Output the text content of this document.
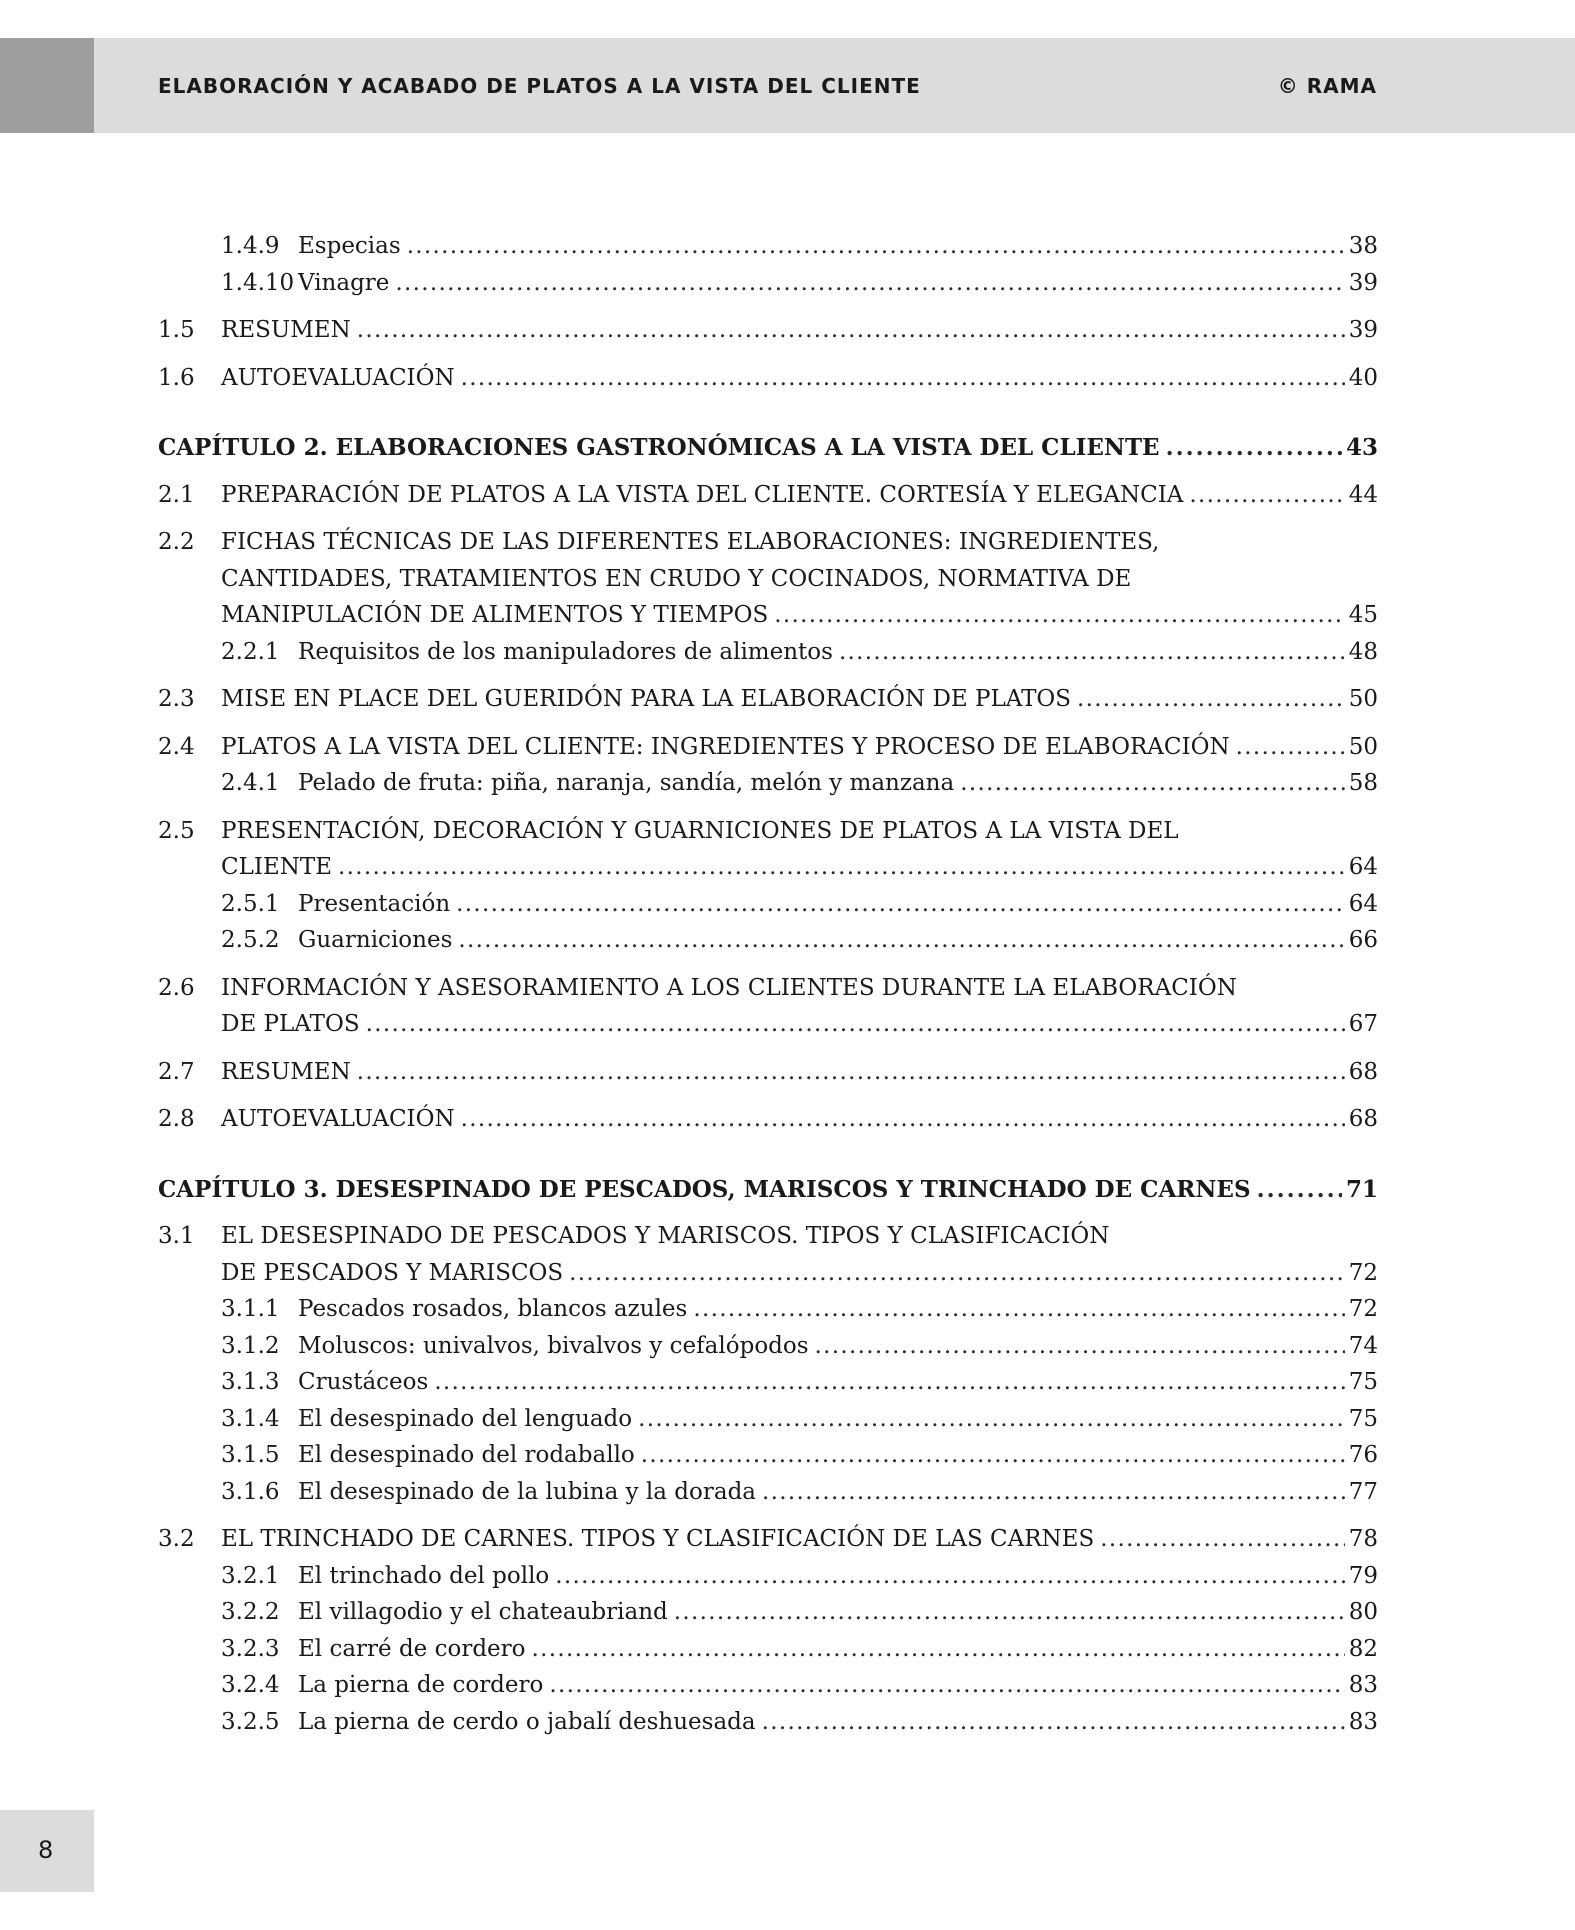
ELABORACIÓN Y ACABADO DE PLATOS A LA VISTA DEL CLIENTE	© RAMA
1.4.9 Especias . . .	38
1.4.10 Vinagre . . .	39
1.5 RESUMEN . . .	39
1.6 AUTOEVALUACIÓN . . .	40
CAPÍTULO 2. ELABORACIONES GASTRONÓMICAS A LA VISTA DEL CLIENTE . . .	43
2.1 PREPARACIÓN DE PLATOS A LA VISTA DEL CLIENTE. CORTESÍA Y ELEGANCIA . . .	44
2.2 FICHAS TÉCNICAS DE LAS DIFERENTES ELABORACIONES: INGREDIENTES,
CANTIDADES, TRATAMIENTOS EN CRUDO Y COCINADOS, NORMATIVA DE
MANIPULACIÓN DE ALIMENTOS Y TIEMPOS . . .	45
2.2.1 Requisitos de los manipuladores de alimentos . . .	48
2.3 MISE EN PLACE DEL GUERIDÓN PARA LA ELABORACIÓN DE PLATOS . . .	50
2.4 PLATOS A LA VISTA DEL CLIENTE: INGREDIENTES Y PROCESO DE ELABORACIÓN . . .	50
2.4.1 Pelado de fruta: piña, naranja, sandía, melón y manzana . . .	58
2.5 PRESENTACIÓN, DECORACIÓN Y GUARNICIONES DE PLATOS A LA VISTA DEL
CLIENTE . . .	64
2.5.1 Presentación . . .	64
2.5.2 Guarniciones . . .	66
2.6 INFORMACIÓN Y ASESORAMIENTO A LOS CLIENTES DURANTE LA ELABORACIÓN
DE PLATOS . . .	67
2.7 RESUMEN . . .	68
2.8 AUTOEVALUACIÓN . . .	68
CAPÍTULO 3. DESESPINADO DE PESCADOS, MARISCOS Y TRINCHADO DE CARNES . . .	71
3.1 EL DESESPINADO DE PESCADOS Y MARISCOS. TIPOS Y CLASIFICACIÓN
DE PESCADOS Y MARISCOS . . .	72
3.1.1 Pescados rosados, blancos azules . . .	72
3.1.2 Moluscos: univalvos, bivalvos y cefalópodos . . .	74
3.1.3 Crustáceos . . .	75
3.1.4 El desespinado del lenguado . . .	75
3.1.5 El desespinado del rodaballo . . .	76
3.1.6 El desespinado de la lubina y la dorada . . .	77
3.2 EL TRINCHADO DE CARNES. TIPOS Y CLASIFICACIÓN DE LAS CARNES . . .	78
3.2.1 El trinchado del pollo . . .	79
3.2.2 El villagodio y el chateaubriand . . .	80
3.2.3 El carré de cordero . . .	82
3.2.4 La pierna de cordero . . .	83
3.2.5 La pierna de cerdo o jabalí deshuesada . . .	83
8
